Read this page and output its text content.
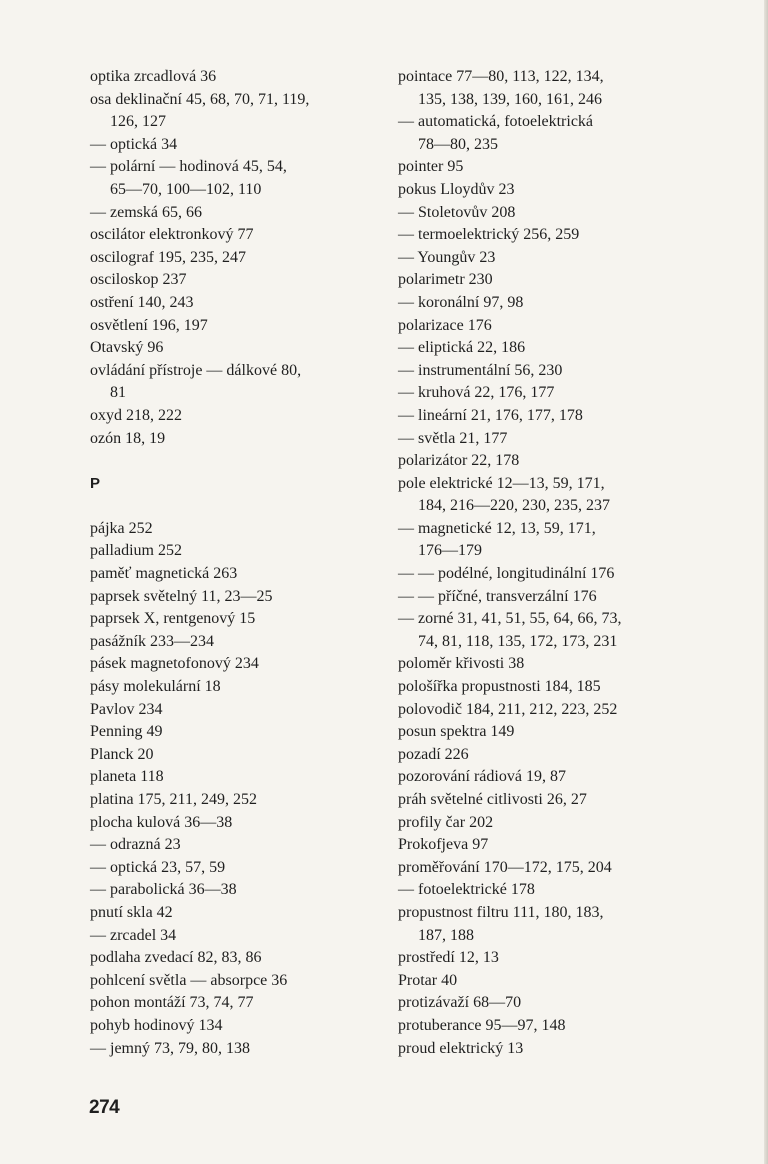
optika zrcadlová 36
osa deklinační 45, 68, 70, 71, 119,
126, 127
— optická 34
— polární — hodinová 45, 54,
65—70, 100—102, 110
— zemská 65, 66
oscilátor elektronkový 77
oscilograf 195, 235, 247
osciloskop 237
ostření 140, 243
osvětlení 196, 197
Otavský 96
ovládání přístroje — dálkové 80,
81
oxyd 218, 222
ozón 18, 19
P
pájka 252
palladium 252
paměť magnetická 263
paprsek světelný 11, 23—25
paprsek X, rentgenový 15
pasážník 233—234
pásek magnetofonový 234
pásy molekulární 18
Pavlov 234
Penning 49
Planck 20
planeta 118
platina 175, 211, 249, 252
plocha kulová 36—38
— odrazná 23
— optická 23, 57, 59
— parabolická 36—38
pnutí skla 42
— zrcadel 34
podlaha zvedací 82, 83, 86
pohlcení světla — absorpce 36
pohon montáží 73, 74, 77
pohyb hodinový 134
— jemný 73, 79, 80, 138
pointace 77—80, 113, 122, 134,
135, 138, 139, 160, 161, 246
— automatická, fotoelektrická
78—80, 235
pointer 95
pokus Lloydův 23
— Stoletovův 208
— termoelektrický 256, 259
— Youngův 23
polarimetr 230
— koronální 97, 98
polarizace 176
— eliptická 22, 186
— instrumentální 56, 230
— kruhová 22, 176, 177
— lineární 21, 176, 177, 178
— světla 21, 177
polarizátor 22, 178
pole elektrické 12—13, 59, 171,
184, 216—220, 230, 235, 237
— magnetické 12, 13, 59, 171,
176—179
— — podélné, longitudinální 176
— — příčné, transverzální 176
— zorné 31, 41, 51, 55, 64, 66, 73,
74, 81, 118, 135, 172, 173, 231
poloměr křivosti 38
pološířka propustnosti 184, 185
polovodič 184, 211, 212, 223, 252
posun spektra 149
pozadí 226
pozorování rádiová 19, 87
práh světelné citlivosti 26, 27
profily čar 202
Prokofjeva 97
proměřování 170—172, 175, 204
— fotoelektrické 178
propustnost filtru 111, 180, 183,
187, 188
prostředí 12, 13
Protar 40
protizávaží 68—70
protuberance 95—97, 148
proud elektrický 13
274
